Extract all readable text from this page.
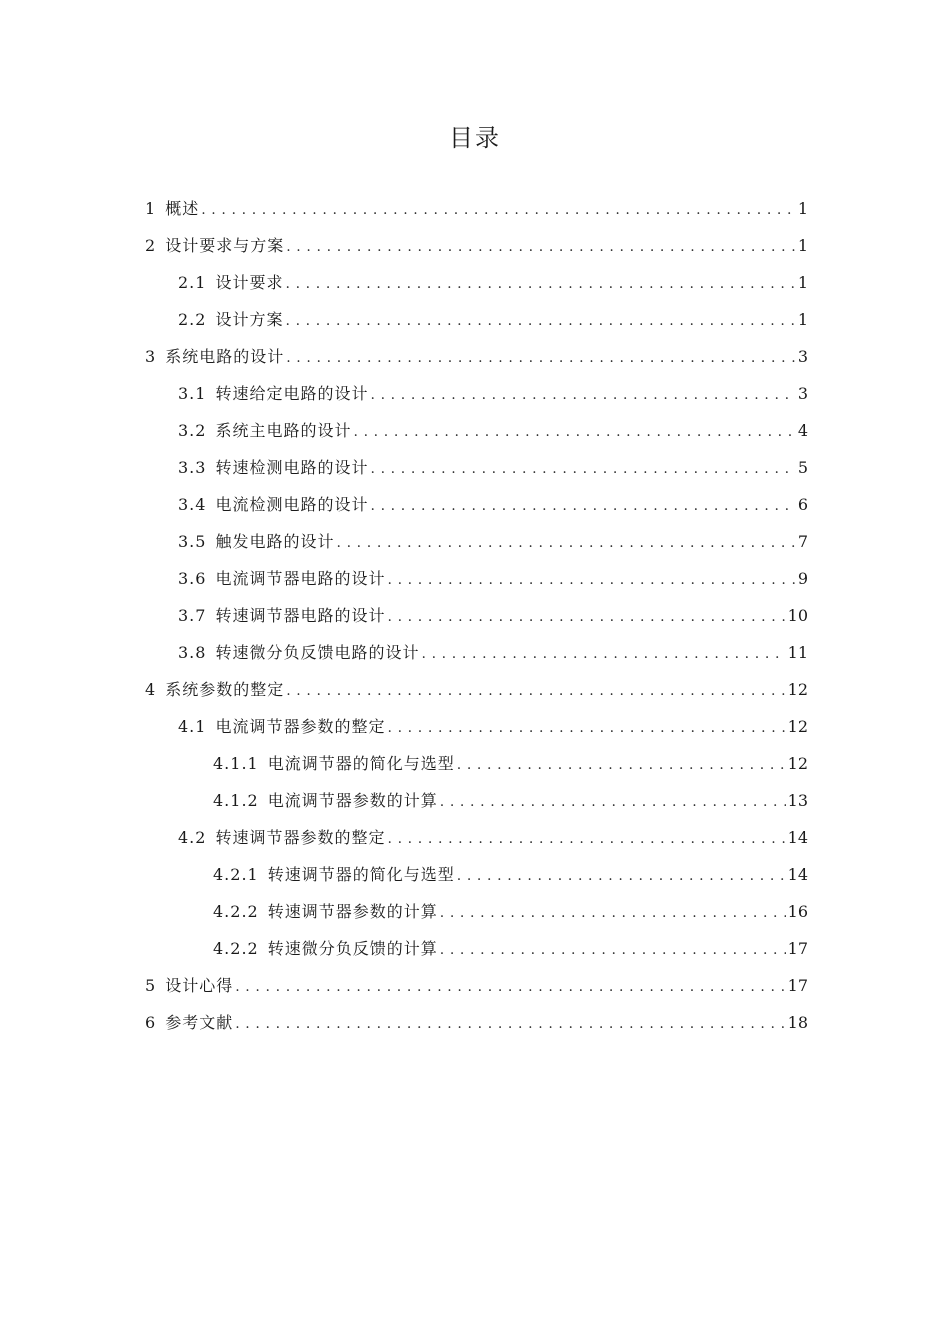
目录
1 概述 . . .	1
2 设计要求与方案 . . .	1
2.1 设计要求 . . .	1
2.2 设计方案 . . .	1
3 系统电路的设计 . . .	3
3.1 转速给定电路的设计 . . .	3
3.2 系统主电路的设计 . . .	4
3.3 转速检测电路的设计 . . .	5
3.4 电流检测电路的设计 . . .	6
3.5 触发电路的设计 . . .	7
3.6 电流调节器电路的设计 . . .	9
3.7 转速调节器电路的设计 . . .	10
3.8 转速微分负反馈电路的设计 . . .	11
4 系统参数的整定 . . .	12
4.1 电流调节器参数的整定 . . .	12
4.1.1 电流调节器的简化与选型 . . .	12
4.1.2 电流调节器参数的计算 . . .	13
4.2 转速调节器参数的整定 . . .	14
4.2.1 转速调节器的简化与选型 . . .	14
4.2.2 转速调节器参数的计算 . . .	16
4.2.2 转速微分负反馈的计算 . . .	17
5 设计心得 . . .	17
6 参考文献 . . .	18
